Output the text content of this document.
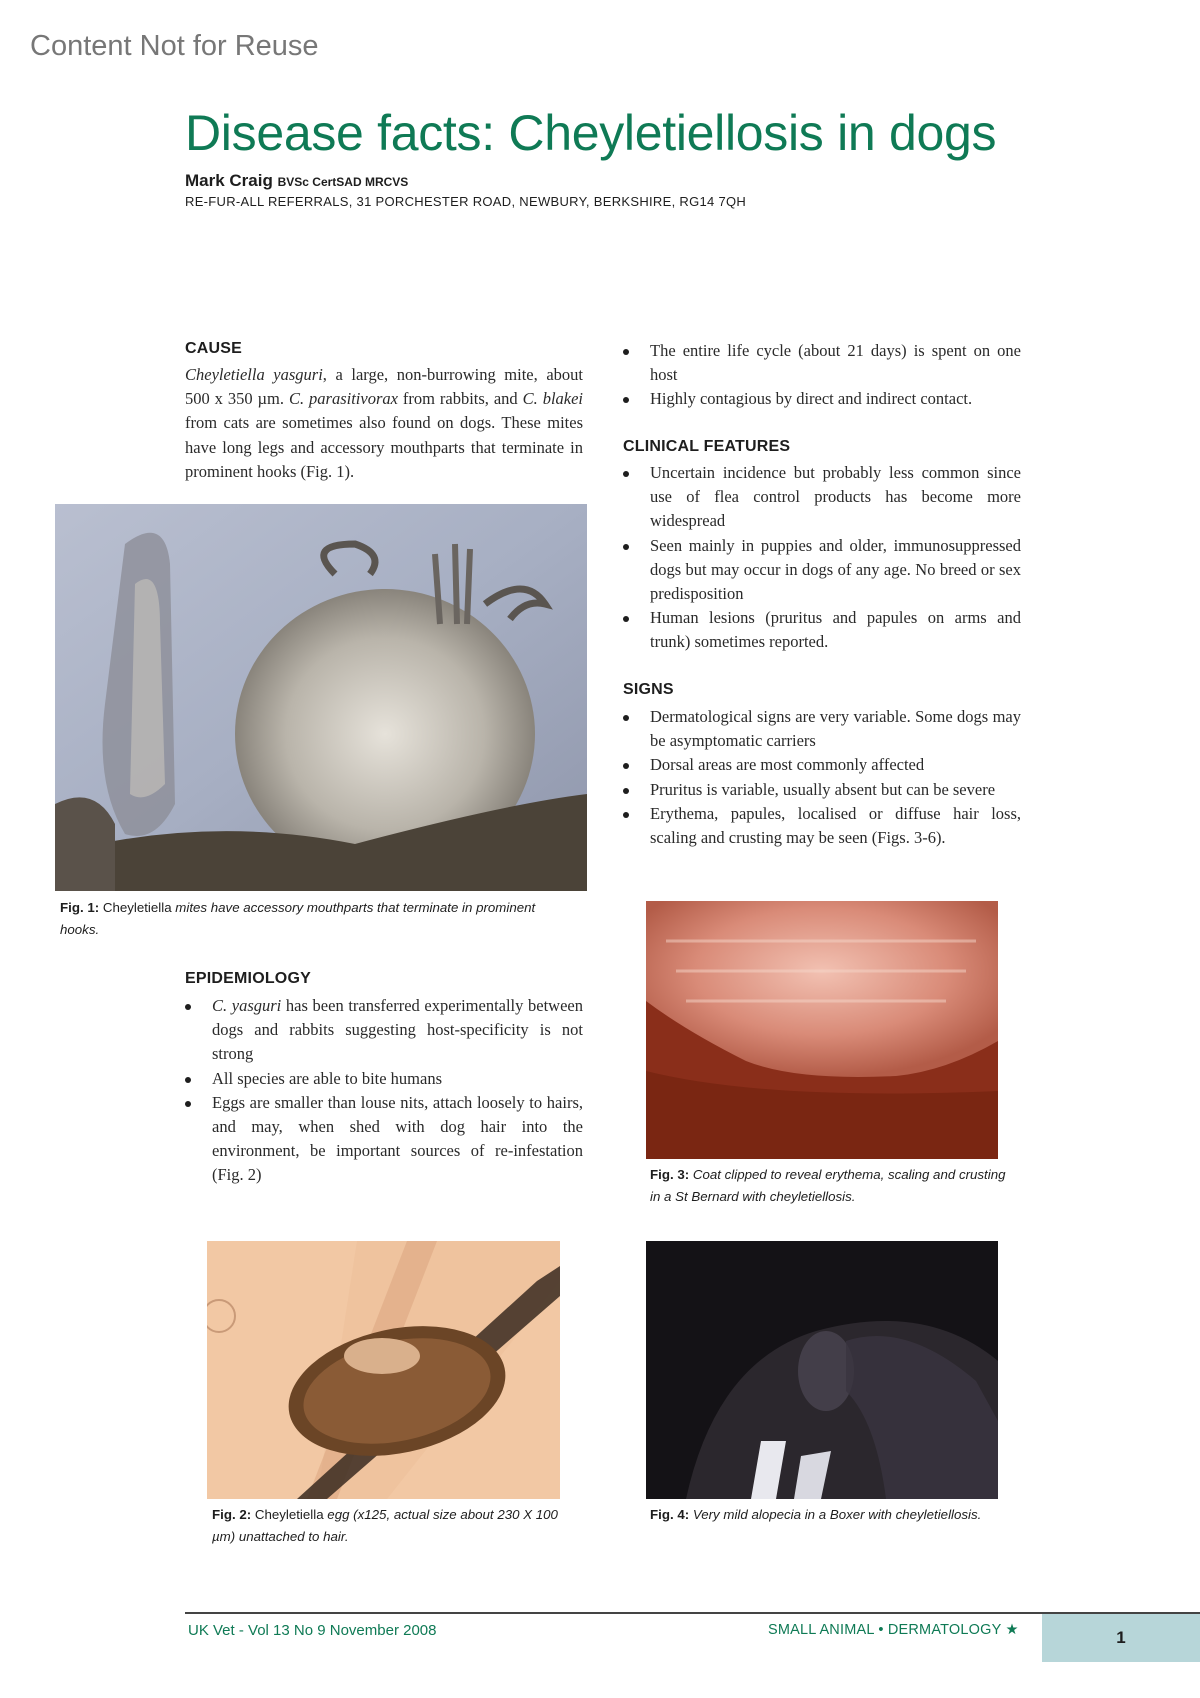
Content Not for Reuse
Disease facts: Cheyletiellosis in dogs
Mark Craig BVSc CertSAD MRCVS
RE-FUR-ALL REFERRALS, 31 PORCHESTER ROAD, NEWBURY, BERKSHIRE, RG14 7QH
CAUSE
Cheyletiella yasguri, a large, non-burrowing mite, about 500 x 350 µm. C. parasitivorax from rabbits, and C. blakei from cats are sometimes also found on dogs. These mites have long legs and accessory mouthparts that terminate in prominent hooks (Fig. 1).
Fig. 1: Cheyletiella mites have accessory mouthparts that terminate in prominent hooks.
EPIDEMIOLOGY
C. yasguri has been transferred experimentally between dogs and rabbits suggesting host-specificity is not strong
All species are able to bite humans
Eggs are smaller than louse nits, attach loosely to hairs, and may, when shed with dog hair into the environment, be important sources of re-infestation (Fig. 2)
Fig. 2: Cheyletiella egg (x125, actual size about 230 X 100 µm) unattached to hair.
The entire life cycle (about 21 days) is spent on one host
Highly contagious by direct and indirect contact.
CLINICAL FEATURES
Uncertain incidence but probably less common since use of flea control products has become more widespread
Seen mainly in puppies and older, immunosuppressed dogs but may occur in dogs of any age. No breed or sex predisposition
Human lesions (pruritus and papules on arms and trunk) sometimes reported.
SIGNS
Dermatological signs are very variable. Some dogs may be asymptomatic carriers
Dorsal areas are most commonly affected
Pruritus is variable, usually absent but can be severe
Erythema, papules, localised or diffuse hair loss, scaling and crusting may be seen (Figs. 3-6).
Fig. 3: Coat clipped to reveal erythema, scaling and crusting in a St Bernard with cheyletiellosis.
Fig. 4: Very mild alopecia in a Boxer with cheyletiellosis.
UK Vet - Vol 13 No 9 November 2008	SMALL ANIMAL • DERMATOLOGY ★	1
